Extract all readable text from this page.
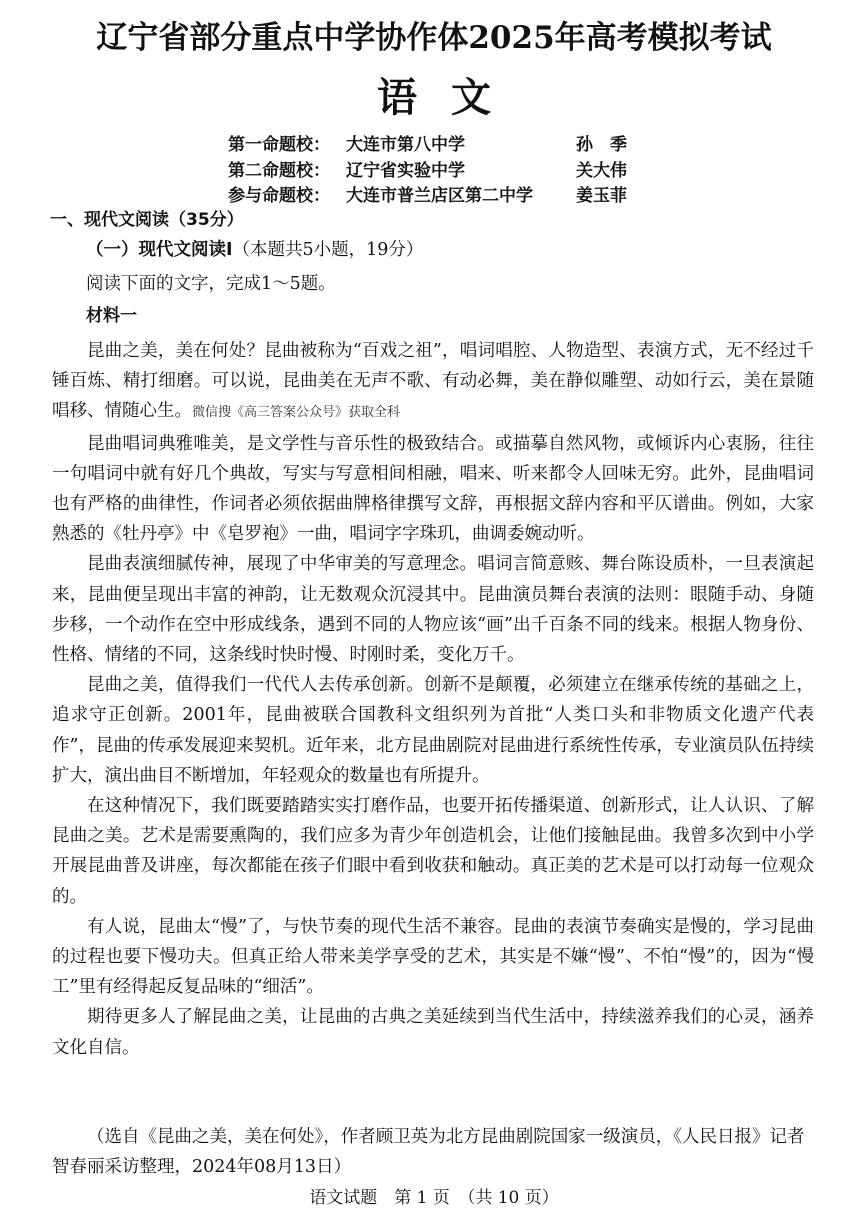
辽宁省部分重点中学协作体2025年高考模拟考试
语文
第一命题校： 大连市第八中学	孙　季
第二命题校： 辽宁省实验中学	关大伟
参与命题校： 大连市普兰店区第二中学	姜玉菲
一、现代文阅读（35分）
（一）现代文阅读Ⅰ（本题共5小题，19分）
阅读下面的文字，完成1～5题。
材料一

昆曲之美，美在何处？昆曲被称为“百戏之祖”，唱词唱腔、人物造型、表演方式，无不经过千锤百炼、精打细磨。可以说，昆曲美在无声不歌、有动必舞，美在静似雕塑、动如行云，美在景随唱移、情随心生。微信搜《高三答案公众号》获取全科

昆曲唱词典雅唯美，是文学性与音乐性的极致结合。或描摹自然风物，或倾诉内心衷肠，往往一句唱词中就有好几个典故，写实与写意相间相融，唱来、听来都令人回味无穷。此外，昆曲唱词也有严格的曲律性，作词者必须依据曲牌格律撰写文辞，再根据文辞内容和平仄谱曲。例如，大家熟悉的《牡丹亭》中《皂罗袍》一曲，唱词字字珠玑，曲调委婉动听。

昆曲表演细腻传神，展现了中华审美的写意理念。唱词言简意赅、舞台陈设质朴，一旦表演起来，昆曲便呈现出丰富的神韵，让无数观众沉浸其中。昆曲演员舞台表演的法则：眼随手动、身随步移，一个动作在空中形成线条，遇到不同的人物应该“画”出千百条不同的线来。根据人物身份、性格、情绪的不同，这条线时快时慢、时刚时柔，变化万千。

昆曲之美，值得我们一代代人去传承创新。创新不是颠覆，必须建立在继承传统的基础之上，追求守正创新。2001年，昆曲被联合国教科文组织列为首批“人类口头和非物质文化遗产代表作”，昆曲的传承发展迎来契机。近年来，北方昆曲剧院对昆曲进行系统性传承，专业演员队伍持续扩大，演出曲目不断增加，年轻观众的数量也有所提升。

在这种情况下，我们既要踏踏实实打磨作品，也要开拓传播渠道、创新形式，让人认识、了解昆曲之美。艺术是需要熏陶的，我们应多为青少年创造机会，让他们接触昆曲。我曾多次到中小学开展昆曲普及讲座，每次都能在孩子们眼中看到收获和触动。真正美的艺术是可以打动每一位观众的。

有人说，昆曲太“慢”了，与快节奏的现代生活不兼容。昆曲的表演节奏确实是慢的，学习昆曲的过程也要下慢功夫。但真正给人带来美学享受的艺术，其实是不嫌“慢”、不怕“慢”的，因为“慢工”里有经得起反复品味的“细活”。

期待更多人了解昆曲之美，让昆曲的古典之美延续到当代生活中，持续滋养我们的心灵，涵养文化自信。

（选自《昆曲之美，美在何处》，作者顾卫英为北方昆曲剧院国家一级演员，《人民日报》记者智春丽采访整理，2024年08月13日）

语文试题　第 1 页　（共 10 页）
